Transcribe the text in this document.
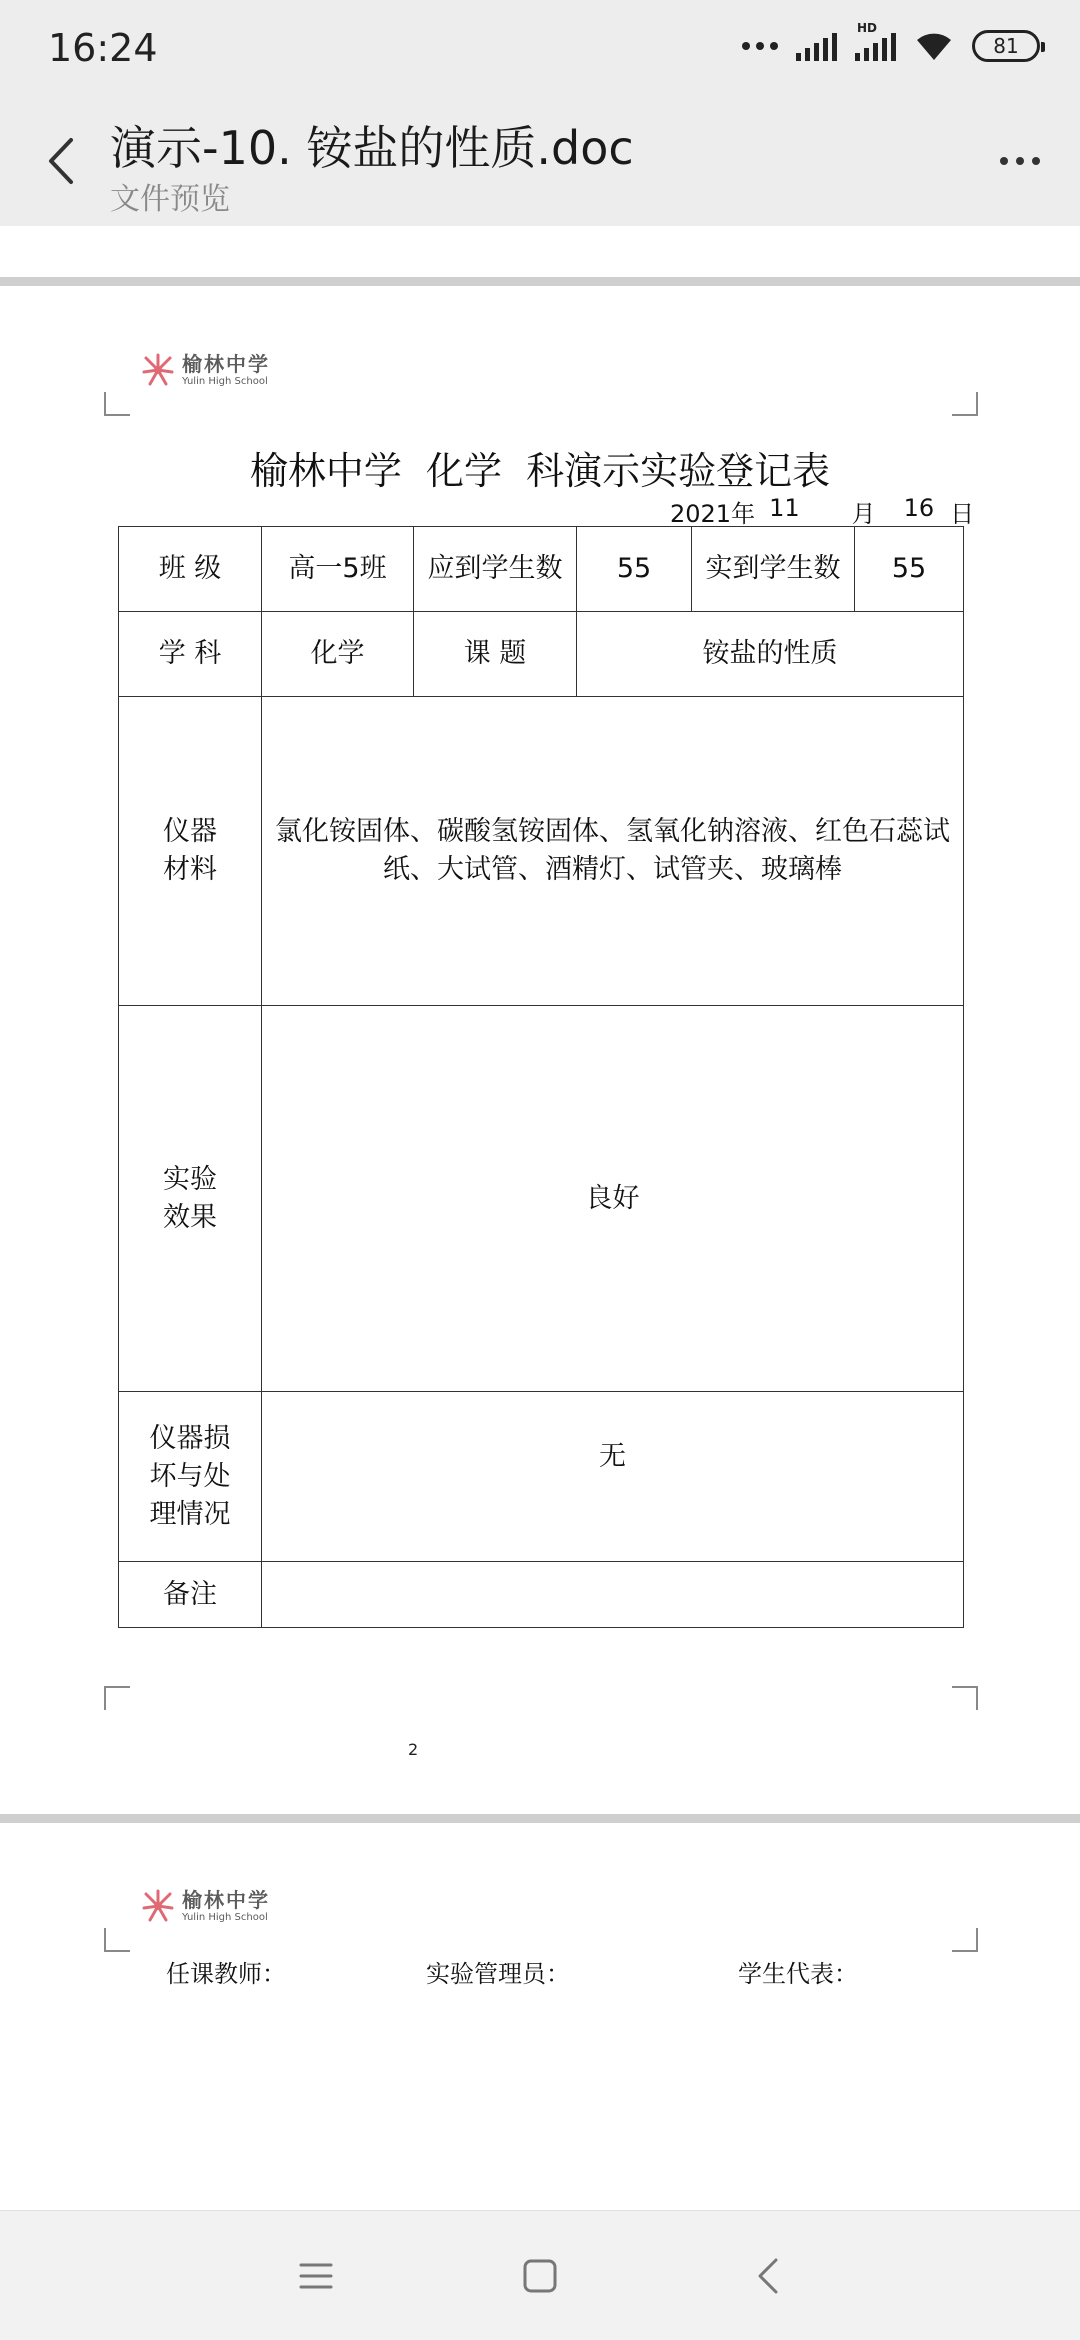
16:24	HD
81
演示-10. 铵盐的性质.doc
文件预览
榆林中学
Yulin High School
榆林中学  化学  科演示实验登记表
2021年 11 月 16 日
班 级	高一5班	应到学生数	55	实到学生数	55
学 科	化学	课 题	铵盐的性质		
仪器
材料	氯化铵固体、碳酸氢铵固体、氢氧化钠溶液、红色石蕊试纸、大试管、酒精灯、试管夹、玻璃棒				
实验
效果	良好				
仪器损
坏与处
理情况	无				
备注					
2
榆林中学
Yulin High School
任课教师：	实验管理员：	学生代表：
